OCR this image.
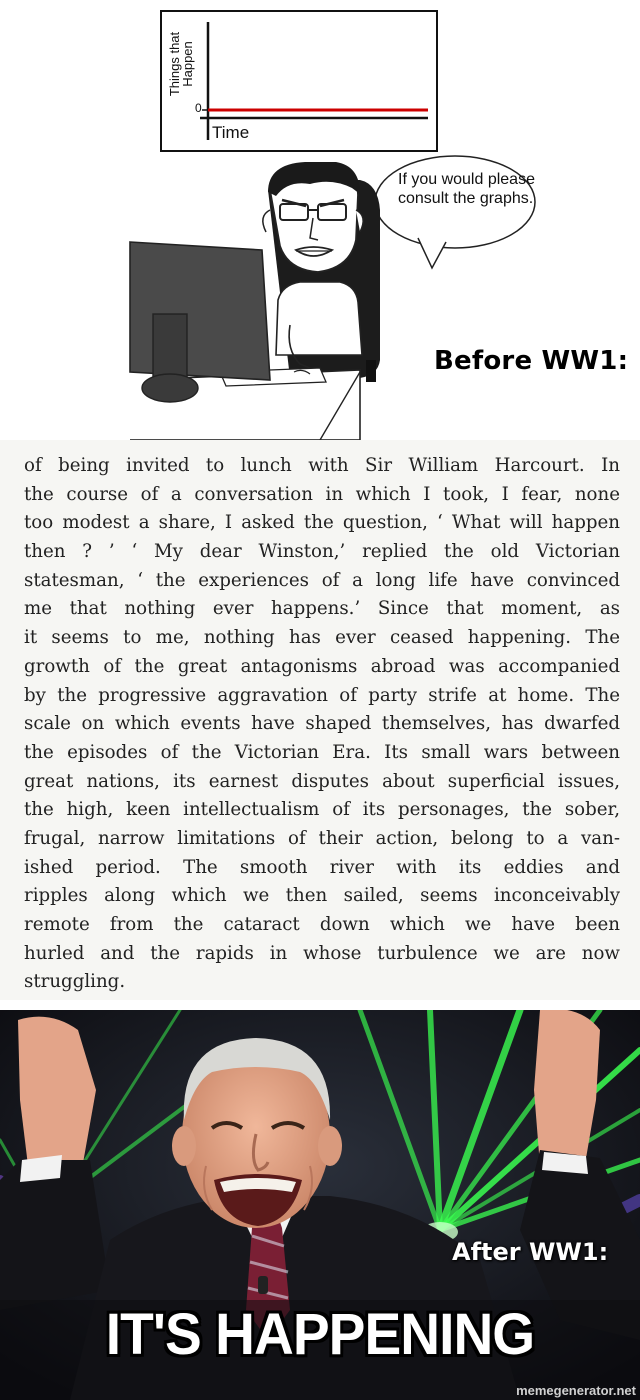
Things that Happen
0
Time
If you would please consult the graphs.
Before WW1:
of being invited to lunch with Sir William Harcourt. In
the course of a conversation in which I took, I fear, none
too modest a share, I asked the question, ‘ What will happen
then ? ’ ‘ My dear Winston,’ replied the old Victorian
statesman, ‘ the experiences of a long life have convinced
me that nothing ever happens.’ Since that moment, as
it seems to me, nothing has ever ceased happening. The
growth of the great antagonisms abroad was accompanied
by the progressive aggravation of party strife at home. The
scale on which events have shaped themselves, has dwarfed
the episodes of the Victorian Era. Its small wars between
great nations, its earnest disputes about superficial issues,
the high, keen intellectualism of its personages, the sober,
frugal, narrow limitations of their action, belong to a van-
ished period. The smooth river with its eddies and
ripples along which we then sailed, seems inconceivably
remote from the cataract down which we have been
hurled and the rapids in whose turbulence we are now
struggling.
After WW1:
IT'S HAPPENING
memegenerator.net
